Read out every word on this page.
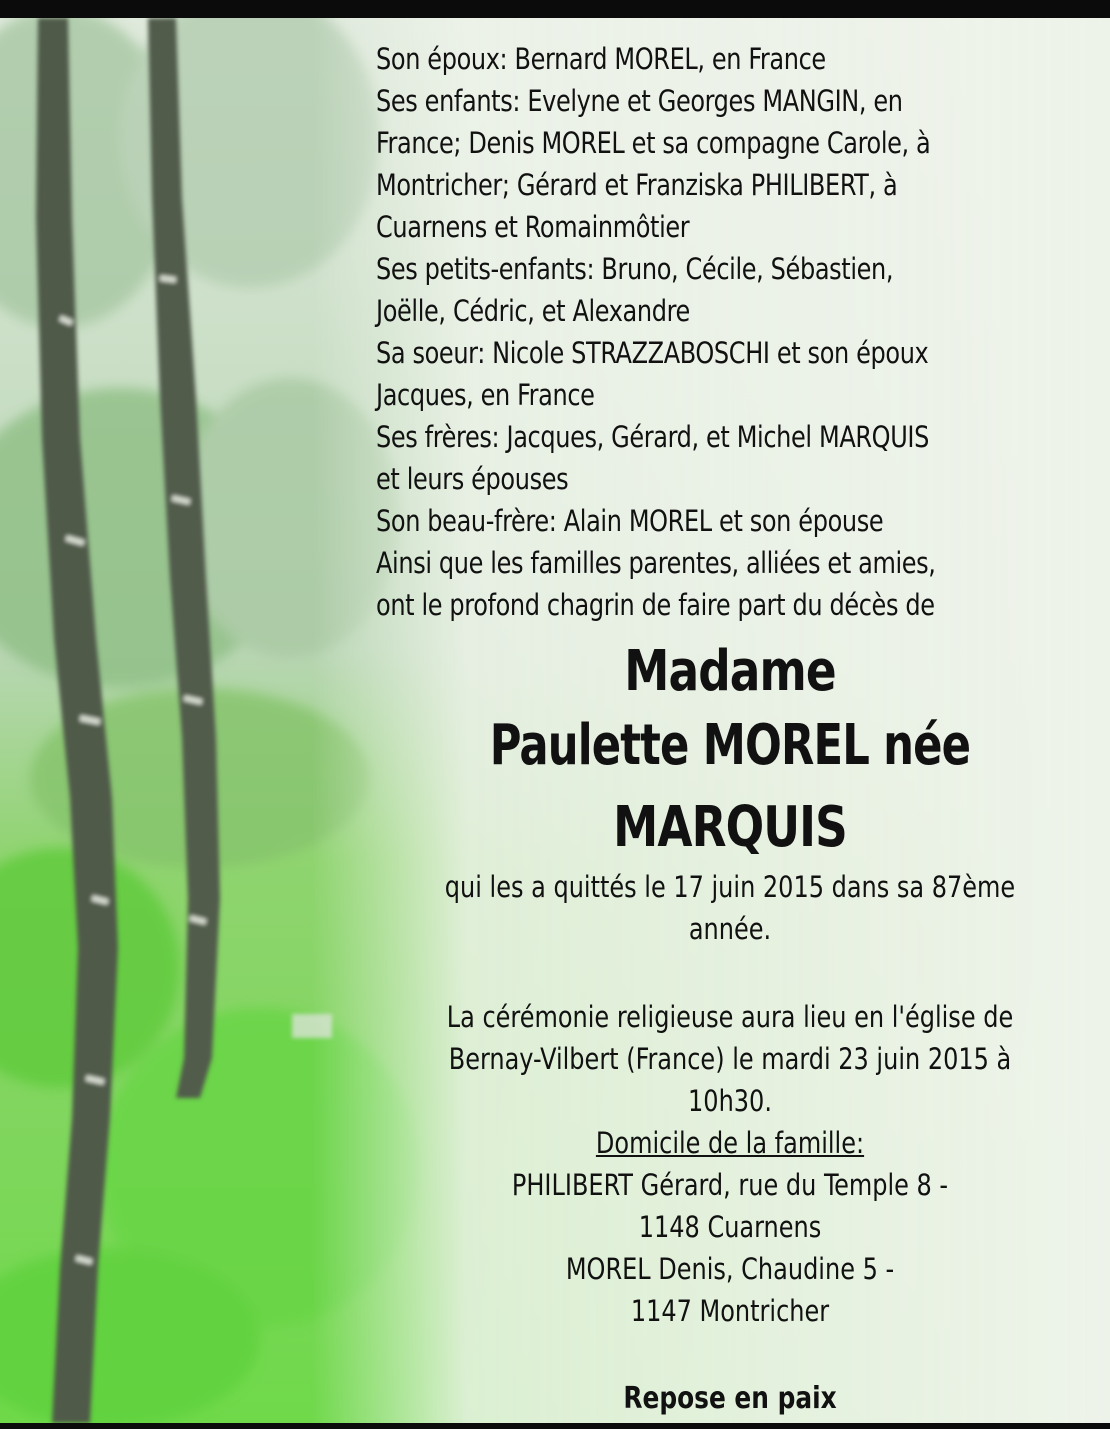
Son époux: Bernard MOREL, en France
Ses enfants: Evelyne et Georges MANGIN, en
France; Denis MOREL et sa compagne Carole, à
Montricher; Gérard et Franziska PHILIBERT, à
Cuarnens et Romainmôtier
Ses petits-enfants: Bruno, Cécile, Sébastien,
Joëlle, Cédric, et Alexandre
Sa soeur: Nicole STRAZZABOSCHI et son époux
Jacques, en France
Ses frères: Jacques, Gérard, et Michel MARQUIS
et leurs épouses
Son beau-frère: Alain MOREL et son épouse
Ainsi que les familles parentes, alliées et amies,
ont le profond chagrin de faire part du décès de
Madame
Paulette MOREL née
MARQUIS
qui les a quittés le 17 juin 2015 dans sa 87ème
année.
La cérémonie religieuse aura lieu en l'église de
Bernay-Vilbert (France) le mardi 23 juin 2015 à
10h30.
Domicile de la famille:
PHILIBERT Gérard, rue du Temple 8 -
1148 Cuarnens
MOREL Denis, Chaudine 5 -
1147 Montricher
Repose en paix
